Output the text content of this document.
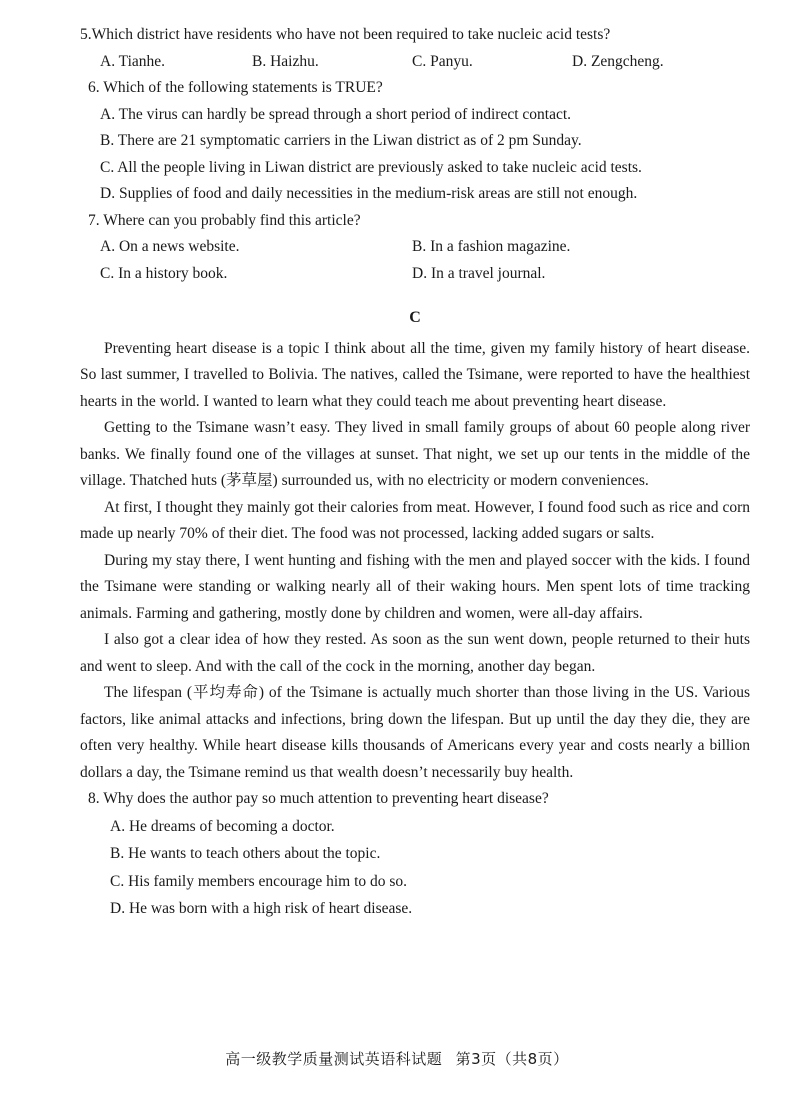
5.Which district have residents who have not been required to take nucleic acid tests?

A. Tianhe.	B. Haizhu.	C. Panyu.	D. Zengcheng.

6. Which of the following statements is TRUE?

A. The virus can hardly be spread through a short period of indirect contact.

B. There are 21 symptomatic carriers in the Liwan district as of 2 pm Sunday.

C. All the people living in Liwan district are previously asked to take nucleic acid tests.

D. Supplies of food and daily necessities in the medium-risk areas are still not enough.

7. Where can you probably find this article?

A. On a news website.	B. In a fashion magazine.
C. In a history book.	D. In a travel journal.
C

Preventing heart disease is a topic I think about all the time, given my family history of heart disease. So last summer, I travelled to Bolivia. The natives, called the Tsimane, were reported to have the healthiest hearts in the world. I wanted to learn what they could teach me about preventing heart disease.

Getting to the Tsimane wasn’t easy. They lived in small family groups of about 60 people along river banks. We finally found one of the villages at sunset. That night, we set up our tents in the middle of the village. Thatched huts (茅草屋) surrounded us, with no electricity or modern conveniences.

At first, I thought they mainly got their calories from meat. However, I found food such as rice and corn made up nearly 70% of their diet. The food was not processed, lacking added sugars or salts.

During my stay there, I went hunting and fishing with the men and played soccer with the kids. I found the Tsimane were standing or walking nearly all of their waking hours. Men spent lots of time tracking animals. Farming and gathering, mostly done by children and women, were all-day affairs.

I also got a clear idea of how they rested. As soon as the sun went down, people returned to their huts and went to sleep. And with the call of the cock in the morning, another day began.

The lifespan (平均寿命) of the Tsimane is actually much shorter than those living in the US. Various factors, like animal attacks and infections, bring down the lifespan. But up until the day they die, they are often very healthy. While heart disease kills thousands of Americans every year and costs nearly a billion dollars a day, the Tsimane remind us that wealth doesn’t necessarily buy health.

8. Why does the author pay so much attention to preventing heart disease?

A. He dreams of becoming a doctor.

B. He wants to teach others about the topic.

C. His family members encourage him to do so.

D. He was born with a high risk of heart disease.

高一级教学质量测试英语科试题 第3页（共8页）
